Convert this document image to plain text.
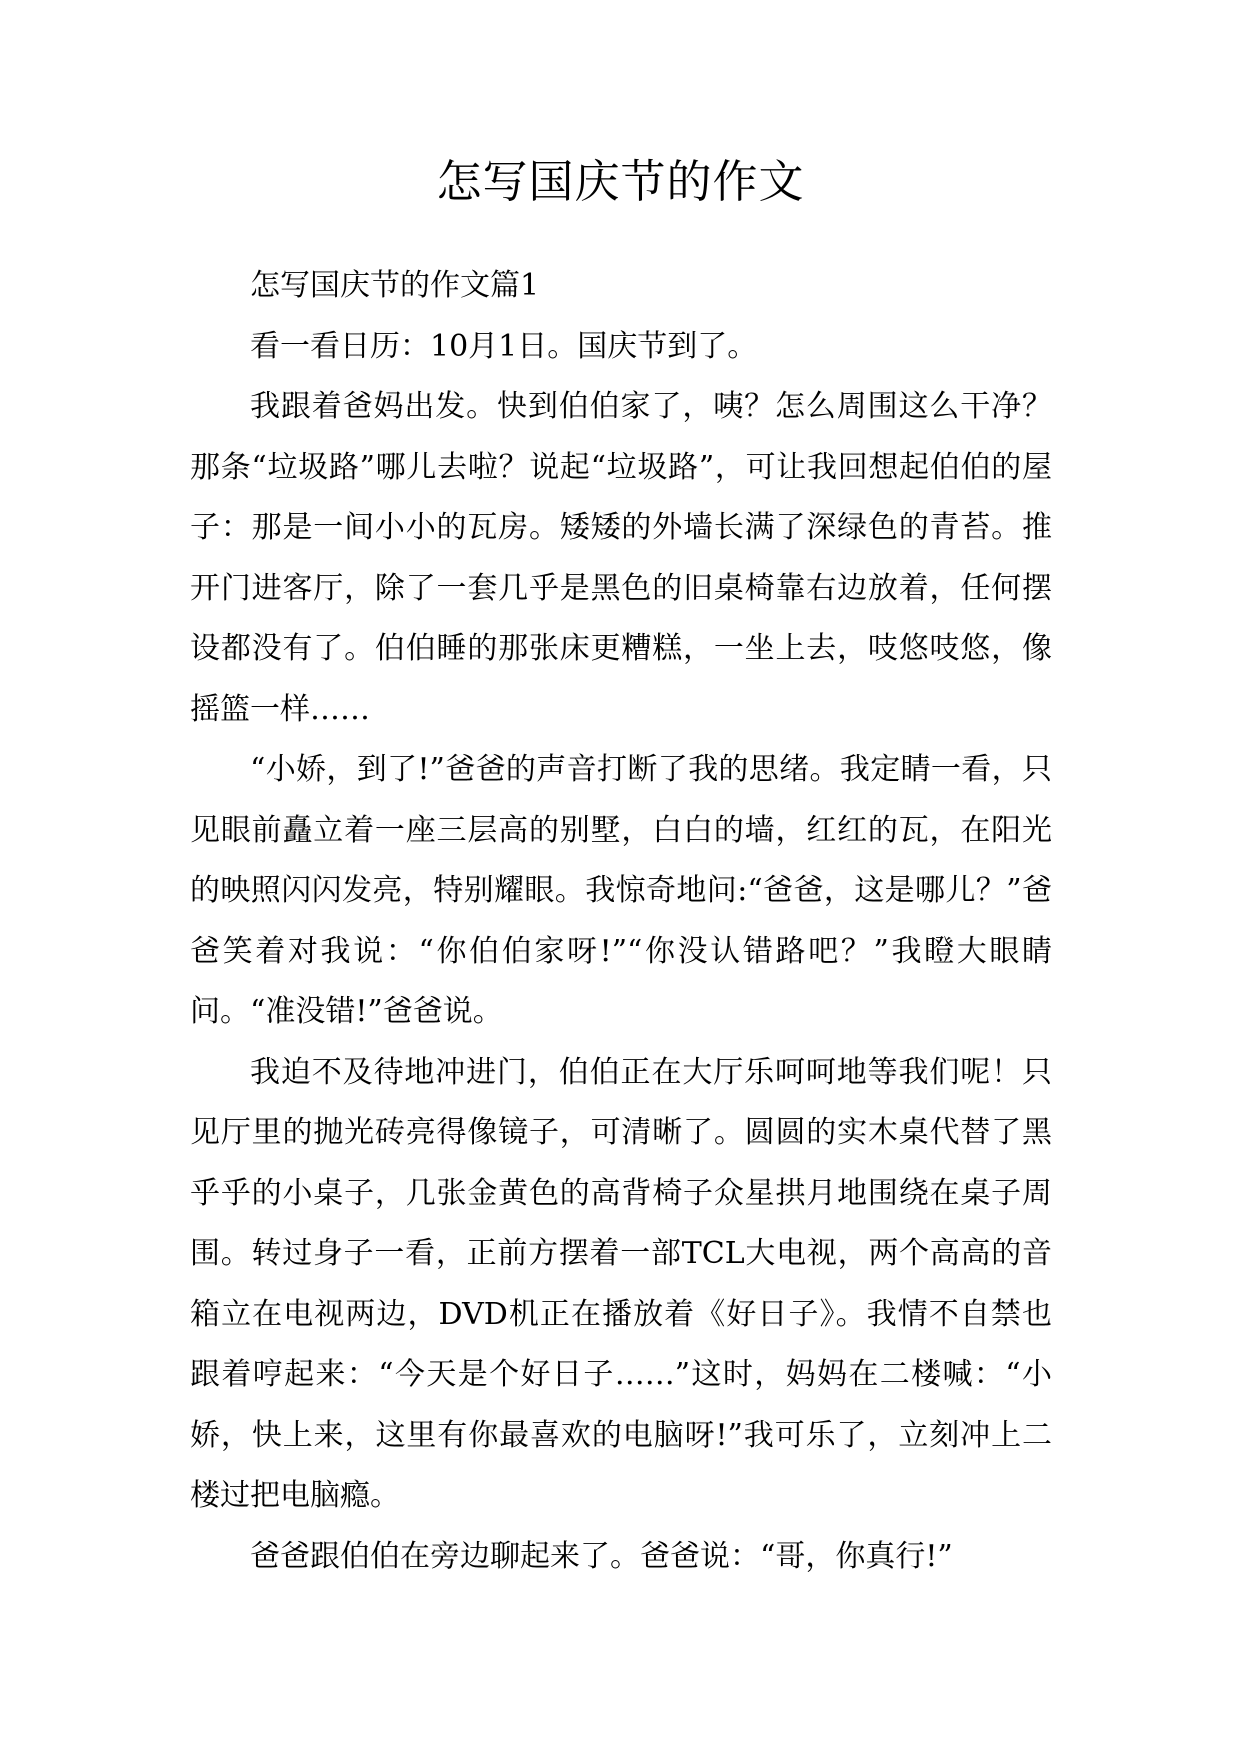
怎写国庆节的作文

怎写国庆节的作文篇1

看一看日历：10月1日。国庆节到了。

我跟着爸妈出发。快到伯伯家了，咦？怎么周围这么干净？那条“垃圾路”哪儿去啦？说起“垃圾路”，可让我回想起伯伯的屋子：那是一间小小的瓦房。矮矮的外墙长满了深绿色的青苔。推开门进客厅，除了一套几乎是黑色的旧桌椅靠右边放着，任何摆设都没有了。伯伯睡的那张床更糟糕，一坐上去，吱悠吱悠，像摇篮一样……

“小娇，到了!”爸爸的声音打断了我的思绪。我定睛一看，只见眼前矗立着一座三层高的别墅，白白的墙，红红的瓦，在阳光的映照闪闪发亮，特别耀眼。我惊奇地问:“爸爸，这是哪儿？”爸爸笑着对我说：“你伯伯家呀!”“你没认错路吧？”我瞪大眼睛问。“准没错!”爸爸说。

我迫不及待地冲进门，伯伯正在大厅乐呵呵地等我们呢！只见厅里的抛光砖亮得像镜子，可清晰了。圆圆的实木桌代替了黑乎乎的小桌子，几张金黄色的高背椅子众星拱月地围绕在桌子周围。转过身子一看，正前方摆着一部TCL大电视，两个高高的音箱立在电视两边，DVD机正在播放着《好日子》。我情不自禁也跟着哼起来：“今天是个好日子……”这时，妈妈在二楼喊：“小娇，快上来，这里有你最喜欢的电脑呀!”我可乐了，立刻冲上二楼过把电脑瘾。

爸爸跟伯伯在旁边聊起来了。爸爸说：“哥，你真行!”
